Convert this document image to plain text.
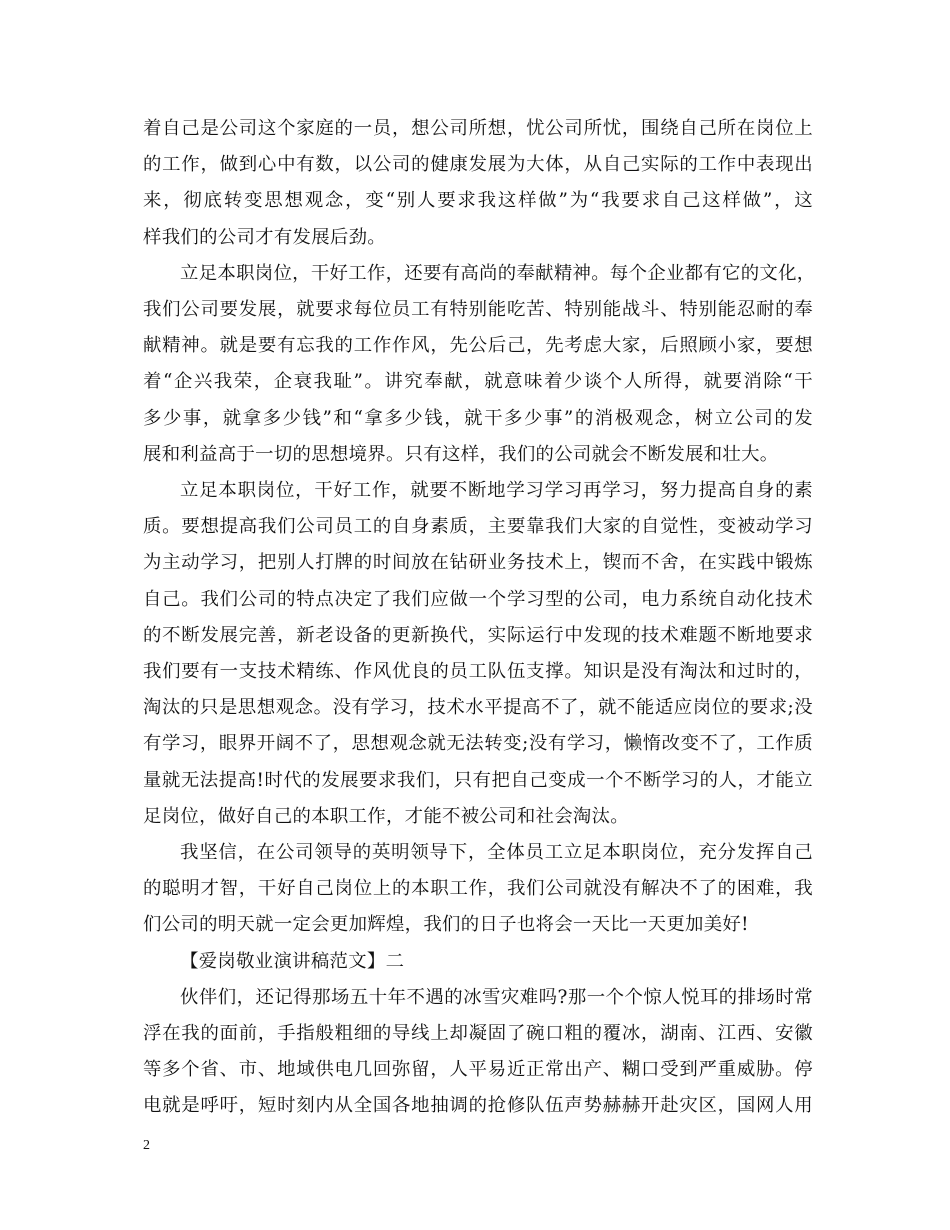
着自己是公司这个家庭的一员，想公司所想，忧公司所忧，围绕自己所在岗位上
的工作，做到心中有数，以公司的健康发展为大体，从自己实际的工作中表现出
来，彻底转变思想观念，变“别人要求我这样做”为“我要求自己这样做”，这
样我们的公司才有发展后劲。
立足本职岗位，干好工作，还要有高尚的奉献精神。每个企业都有它的文化，
我们公司要发展，就要求每位员工有特别能吃苦、特别能战斗、特别能忍耐的奉
献精神。就是要有忘我的工作作风，先公后己，先考虑大家，后照顾小家，要想
着“企兴我荣，企衰我耻”。讲究奉献，就意味着少谈个人所得，就要消除“干
多少事，就拿多少钱”和“拿多少钱，就干多少事”的消极观念，树立公司的发
展和利益高于一切的思想境界。只有这样，我们的公司就会不断发展和壮大。
立足本职岗位，干好工作，就要不断地学习学习再学习，努力提高自身的素
质。要想提高我们公司员工的自身素质，主要靠我们大家的自觉性，变被动学习
为主动学习，把别人打牌的时间放在钻研业务技术上，锲而不舍，在实践中锻炼
自己。我们公司的特点决定了我们应做一个学习型的公司，电力系统自动化技术
的不断发展完善，新老设备的更新换代，实际运行中发现的技术难题不断地要求
我们要有一支技术精练、作风优良的员工队伍支撑。知识是没有淘汰和过时的，
淘汰的只是思想观念。没有学习，技术水平提高不了，就不能适应岗位的要求;没
有学习，眼界开阔不了，思想观念就无法转变;没有学习，懒惰改变不了，工作质
量就无法提高!时代的发展要求我们，只有把自己变成一个不断学习的人，才能立
足岗位，做好自己的本职工作，才能不被公司和社会淘汰。
我坚信，在公司领导的英明领导下，全体员工立足本职岗位，充分发挥自己
的聪明才智，干好自己岗位上的本职工作，我们公司就没有解决不了的困难，我
们公司的明天就一定会更加辉煌，我们的日子也将会一天比一天更加美好!
【爱岗敬业演讲稿范文】二
伙伴们，还记得那场五十年不遇的冰雪灾难吗?那一个个惊人悦耳的排场时常
浮在我的面前，手指般粗细的导线上却凝固了碗口粗的覆冰，湖南、江西、安徽
等多个省、市、地域供电几回弥留，人平易近正常出产、糊口受到严重威胁。停
电就是呼吁，短时刻内从全国各地抽调的抢修队伍声势赫赫开赴灾区，国网人用
2
